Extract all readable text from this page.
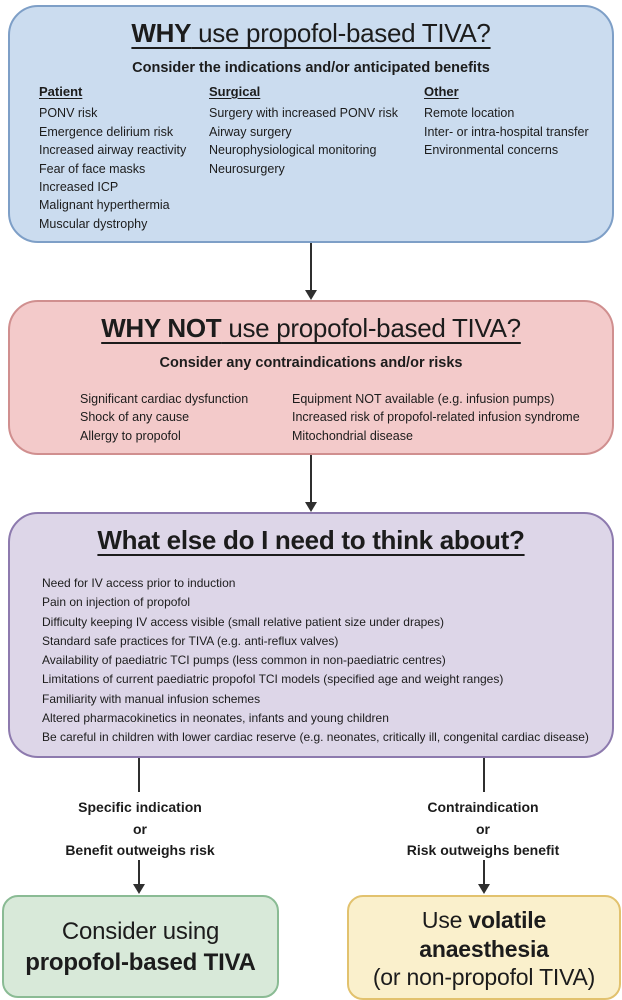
WHY use propofol-based TIVA?
Consider the indications and/or anticipated benefits
Patient
PONV risk
Emergence delirium risk
Increased airway reactivity
Fear of face masks
Increased ICP
Malignant hyperthermia
Muscular dystrophy
Surgical
Surgery with increased PONV risk
Airway surgery
Neurophysiological monitoring
Neurosurgery
Other
Remote location
Inter- or intra-hospital transfer
Environmental concerns
WHY NOT use propofol-based TIVA?
Consider any contraindications and/or risks
Significant cardiac dysfunction
Shock of any cause
Allergy to propofol
Equipment NOT available (e.g. infusion pumps)
Increased risk of propofol-related infusion syndrome
Mitochondrial disease
What else do I need to think about?
Need for IV access prior to induction
Pain on injection of propofol
Difficulty keeping IV access visible (small relative patient size under drapes)
Standard safe practices for TIVA (e.g. anti-reflux valves)
Availability of paediatric TCI pumps (less common in non-paediatric centres)
Limitations of current paediatric propofol TCI models (specified age and weight ranges)
Familiarity with manual infusion schemes
Altered pharmacokinetics in neonates, infants and young children
Be careful in children with lower cardiac reserve (e.g. neonates, critically ill, congenital cardiac disease)
Specific indication
or
Benefit outweighs risk
Contraindication
or
Risk outweighs benefit
Consider using
propofol-based TIVA
Use volatile
anaesthesia
(or non-propofol TIVA)
